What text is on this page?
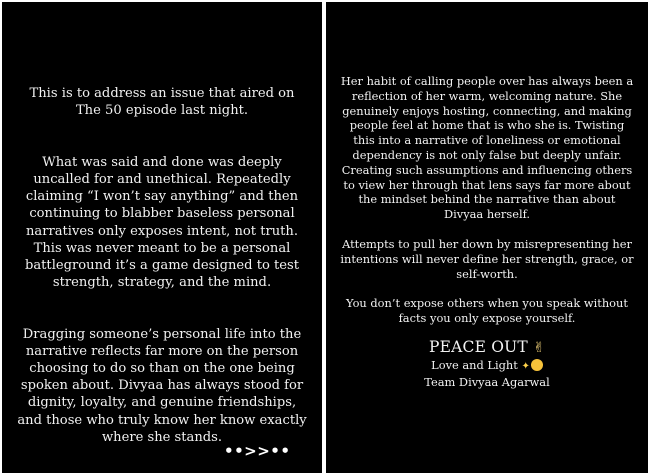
This is to address an issue that aired on The 50 episode last night.

What was said and done was deeply uncalled for and unethical. Repeatedly claiming “I won’t say anything” and then continuing to blabber baseless personal narratives only exposes intent, not truth. This was never meant to be a personal battleground it’s a game designed to test strength, strategy, and the mind.

Dragging someone’s personal life into the narrative reflects far more on the person choosing to do so than on the one being spoken about. Divyaa has always stood for dignity, loyalty, and genuine friendships, and those who truly know her know exactly where she stands.

••>>••

Her habit of calling people over has always been a reflection of her warm, welcoming nature. She genuinely enjoys hosting, connecting, and making people feel at home that is who she is. Twisting this into a narrative of loneliness or emotional dependency is not only false but deeply unfair. Creating such assumptions and influencing others to view her through that lens says far more about the mindset behind the narrative than about Divyaa herself.

Attempts to pull her down by misrepresenting her intentions will never define her strength, grace, or self-worth.

You don’t expose others when you speak without facts you only expose yourself.

PEACE OUT ✌
Love and Light ✦
Team Divyaa Agarwal
